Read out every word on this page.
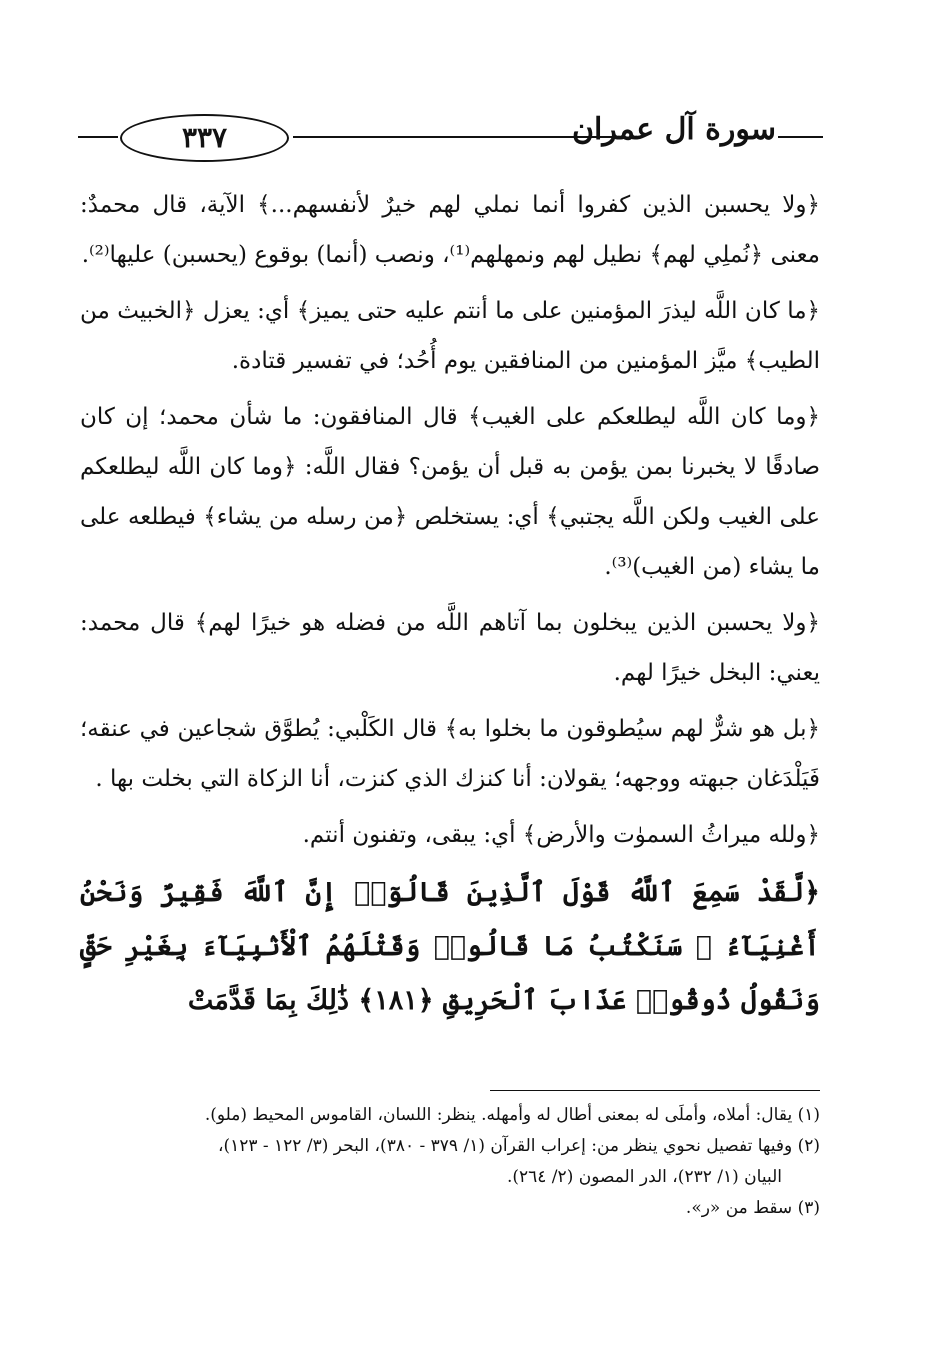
٣٣٧	سورة آل عمران

﴿ولا يحسبن الذين كفروا أنما نملي لهم خيرٌ لأنفسهم...﴾ الآية، قال محمدٌ: معنى ﴿نُملِي لهم﴾ نطيل لهم ونمهلهم⁽¹⁾، ونصب (أنما) بوقوع (يحسبن) عليها⁽²⁾.

﴿ما كان اللَّه ليذرَ المؤمنين على ما أنتم عليه حتى يميز﴾ أي: يعزل ﴿الخبيث من الطيب﴾ ميَّز المؤمنين من المنافقين يوم أُحُد؛ في تفسير قتادة.

﴿وما كان اللَّه ليطلعكم على الغيب﴾ قال المنافقون: ما شأن محمد؛ إن كان صادقًا لا يخبرنا بمن يؤمن به قبل أن يؤمن؟ فقال اللَّه: ﴿وما كان اللَّه ليطلعكم على الغيب ولكن اللَّه يجتبي﴾ أي: يستخلص ﴿من رسله من يشاء﴾ فيطلعه على ما يشاء (من الغيب)⁽³⁾.

﴿ولا يحسبن الذين يبخلون بما آتاهم اللَّه من فضله هو خيرًا لهم﴾ قال محمد: يعني: البخل خيرًا لهم.

﴿بل هو شرٌّ لهم سيُطوقون ما بخلوا به﴾ قال الكَلْبي: يُطوَّق شجاعين في عنقه؛ فَيَلْدَغان جبهته ووجهه؛ يقولان: أنا كنزك الذي كنزت، أنا الزكاة التي بخلت بها .

﴿ولله ميراثُ السموٰت والأرض﴾ أي: يبقى، وتفنون أنتم.

﴿لَّقَدْ سَمِعَ ٱللَّهُ قَوْلَ ٱلَّذِينَ قَالُوٓا۟ إِنَّ ٱللَّهَ فَقِيرٌ وَنَحْنُ أَغْنِيَآءُ ۘ سَنَكْتُبُ مَا قَالُوا۟ وَقَتْلَهُمُ ٱلْأَنۢبِيَآءَ بِغَيْرِ حَقٍّ وَنَقُولُ ذُوقُوا۟ عَذَابَ ٱلْحَرِيقِ ﴿١٨١﴾ ذَٰلِكَ بِمَا قَدَّمَتْ

(١) يقال: أملاه، وأملَى له بمعنى أطال له وأمهله. ينظر: اللسان، القاموس المحيط (ملو).

(٢) وفيها تفصيل نحوي ينظر من: إعراب القرآن (١/ ٣٧٩ - ٣٨٠)، البحر (٣/ ١٢٢ - ١٢٣)،

البيان (١/ ٢٣٢)، الدر المصون (٢/ ٢٦٤).

(٣) سقط من «ر».
